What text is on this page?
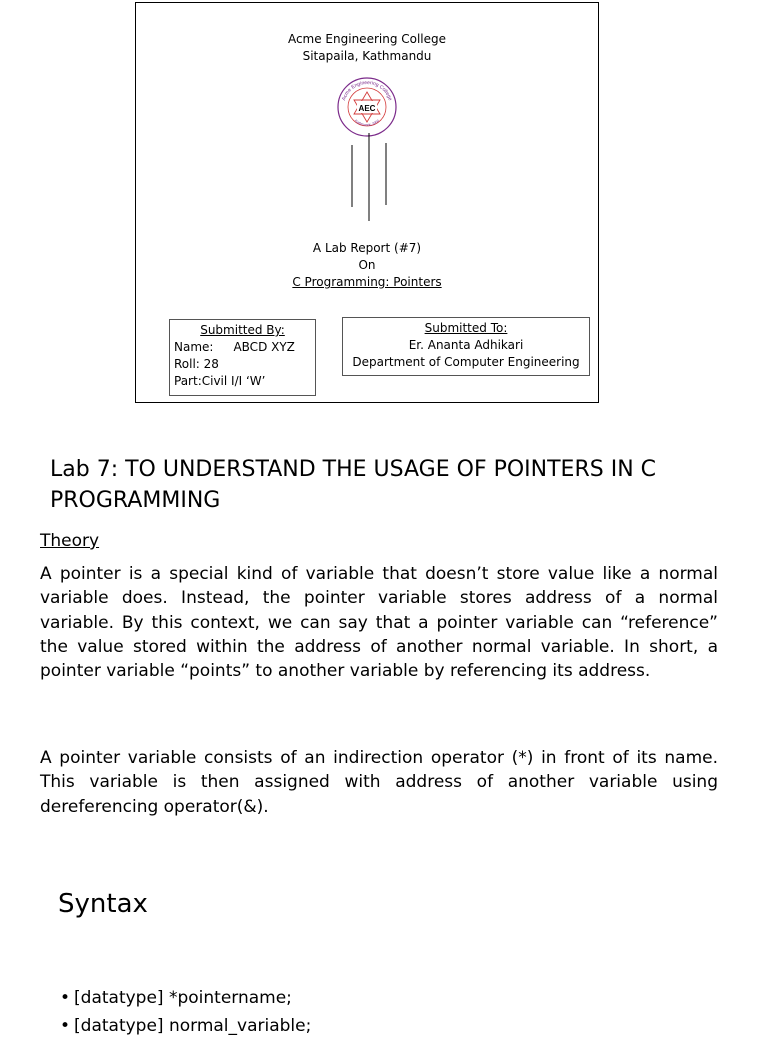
Acme Engineering College
Sitapaila, Kathmandu
AEC
Acme Engineering College
Kathmandu 2000
A Lab Report (#7)
On
C Programming: Pointers
Submitted By:
Name: ABCD XYZ
Roll: 28
Part:Civil I/I ‘W’
Submitted To:
Er. Ananta Adhikari
Department of Computer Engineering
Lab 7: TO UNDERSTAND THE USAGE OF POINTERS IN C PROGRAMMING
Theory
A pointer is a special kind of variable that doesn’t store value like a normal variable does. Instead, the pointer variable stores address of a normal variable. By this context, we can say that a pointer variable can “reference” the value stored within the address of another normal variable. In short, a pointer variable “points” to another variable by referencing its address.
A pointer variable consists of an indirection operator (*) in front of its name. This variable is then assigned with address of another variable using dereferencing operator(&).
Syntax
• [datatype] *pointername;
• [datatype] normal_variable;
